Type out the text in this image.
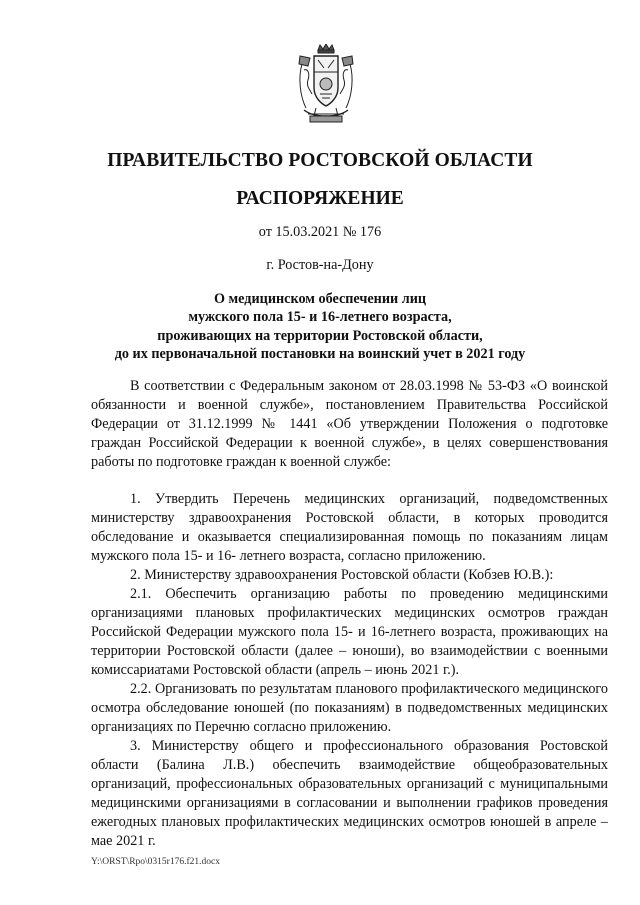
ПРАВИТЕЛЬСТВО РОСТОВСКОЙ ОБЛАСТИ
РАСПОРЯЖЕНИЕ
от 15.03.2021 № 176
г. Ростов-на-Дону
О медицинском обеспечении лиц
мужского пола 15- и 16-летнего возраста,
проживающих на территории Ростовской области,
до их первоначальной постановки на воинский учет в 2021 году

В соответствии с Федеральным законом от 28.03.1998 № 53-ФЗ «О воинской обязанности и военной службе», постановлением Правительства Российской Федерации от 31.12.1999 № 1441 «Об утверждении Положения о подготовке граждан Российской Федерации к военной службе», в целях совершенствования работы по подготовке граждан к военной службе:

1. Утвердить Перечень медицинских организаций, подведомственных министерству здравоохранения Ростовской области, в которых проводится обследование и оказывается специализированная помощь по показаниям лицам мужского пола 15- и 16- летнего возраста, согласно приложению.

2. Министерству здравоохранения Ростовской области (Кобзев Ю.В.):

2.1. Обеспечить организацию работы по проведению медицинскими организациями плановых профилактических медицинских осмотров граждан Российской Федерации мужского пола 15- и 16-летнего возраста, проживающих на территории Ростовской области (далее – юноши), во взаимодействии с военными комиссариатами Ростовской области (апрель – июнь 2021 г.).

2.2. Организовать по результатам планового профилактического медицинского осмотра обследование юношей (по показаниям) в подведомственных медицинских организациях по Перечню согласно приложению.

3. Министерству общего и профессионального образования Ростовской области (Балина Л.В.) обеспечить взаимодействие общеобразовательных организаций, профессиональных образовательных организаций с муниципальными медицинскими организациями в согласовании и выполнении графиков проведения ежегодных плановых профилактических медицинских осмотров юношей в апреле – мае 2021 г.

Y:\ORST\Rpo\0315r176.f21.docx
